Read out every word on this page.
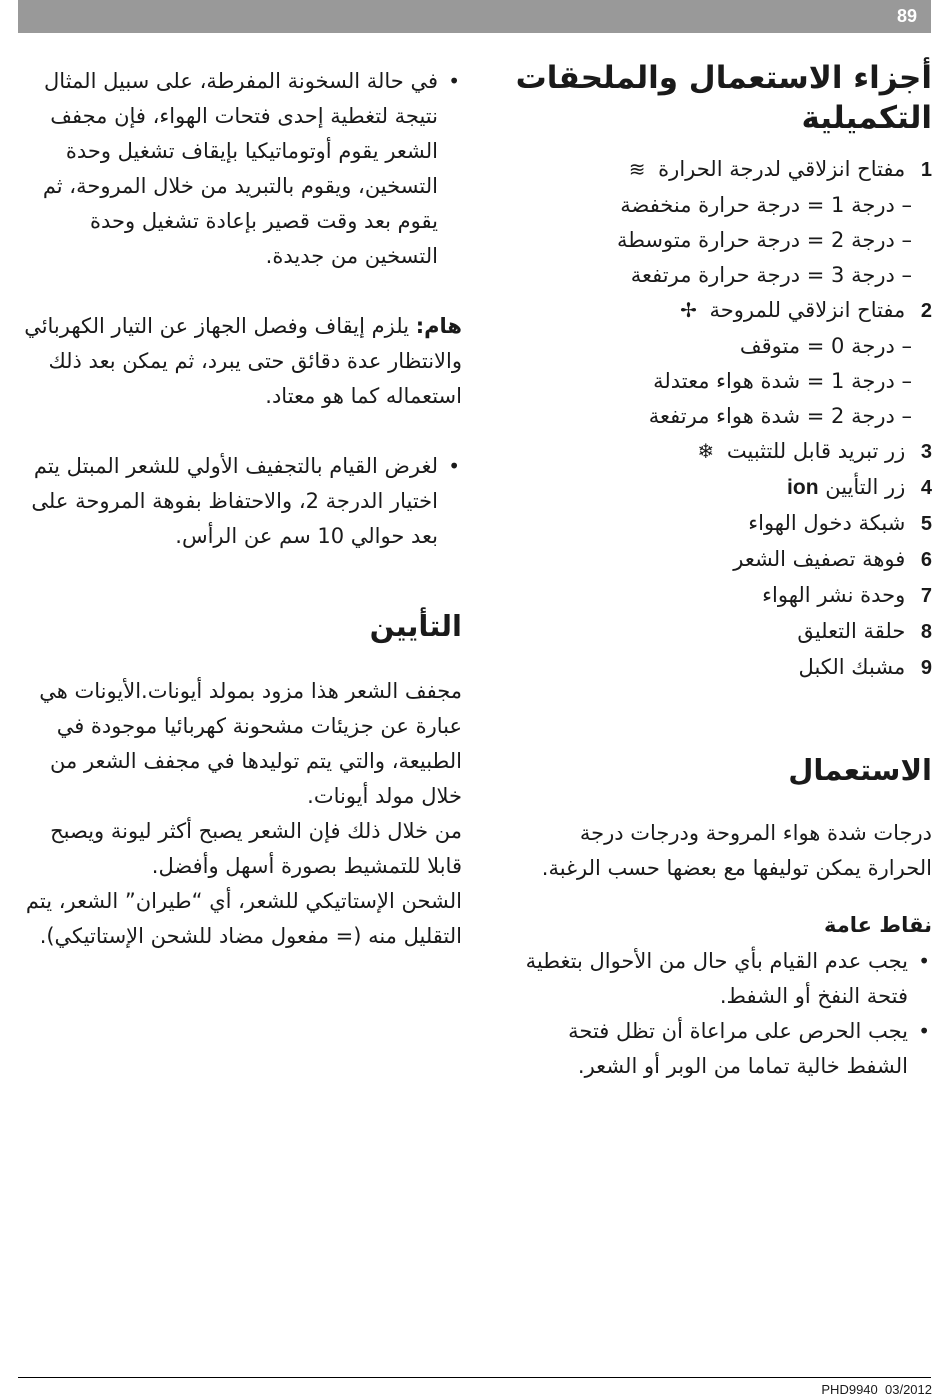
89
أجزاء الاستعمال والملحقات التكميلية
1 مفتاح انزلاقي لدرجة الحرارة ≋
– درجة 1 = درجة حرارة منخفضة
– درجة 2 = درجة حرارة متوسطة
– درجة 3 = درجة حرارة مرتفعة
2 مفتاح انزلاقي للمروحة ✢
– درجة 0 = متوقف
– درجة 1 = شدة هواء معتدلة
– درجة 2 = شدة هواء مرتفعة
3 زر تبريد قابل للتثبيت ❄
4 زر التأيين ion
5 شبكة دخول الهواء
6 فوهة تصفيف الشعر
7 وحدة نشر الهواء
8 حلقة التعليق
9 مشبك الكبل
الاستعمال

درجات شدة هواء المروحة ودرجات درجة الحرارة يمكن توليفها مع بعضها حسب الرغبة.

نقاط عامة

• يجب عدم القيام بأي حال من الأحوال بتغطية فتحة النفخ أو الشفط.

• يجب الحرص على مراعاة أن تظل فتحة الشفط خالية تماما من الوبر أو الشعر.

• في حالة السخونة المفرطة، على سبيل المثال نتيجة لتغطية إحدى فتحات الهواء، فإن مجفف الشعر يقوم أوتوماتيكيا بإيقاف تشغيل وحدة التسخين، ويقوم بالتبريد من خلال المروحة، ثم يقوم بعد وقت قصير بإعادة تشغيل وحدة التسخين من جديدة.

هام: يلزم إيقاف وفصل الجهاز عن التيار الكهربائي والانتظار عدة دقائق حتى يبرد، ثم يمكن بعد ذلك استعماله كما هو معتاد.

• لغرض القيام بالتجفيف الأولي للشعر المبتل يتم اختيار الدرجة 2، والاحتفاظ بفوهة المروحة على بعد حوالي 10 سم عن الرأس.

التأيين

مجفف الشعر هذا مزود بمولد أيونات.الأيونات هي عبارة عن جزيئات مشحونة كهربائيا موجودة في الطبيعة، والتي يتم توليدها في مجفف الشعر من خلال مولد أيونات.

من خلال ذلك فإن الشعر يصبح أكثر ليونة ويصبح قابلا للتمشيط بصورة أسهل وأفضل.

الشحن الإستاتيكي للشعر، أي “طيران” الشعر، يتم التقليل منه (= مفعول مضاد للشحن الإستاتيكي).

PHD9940 03/2012
